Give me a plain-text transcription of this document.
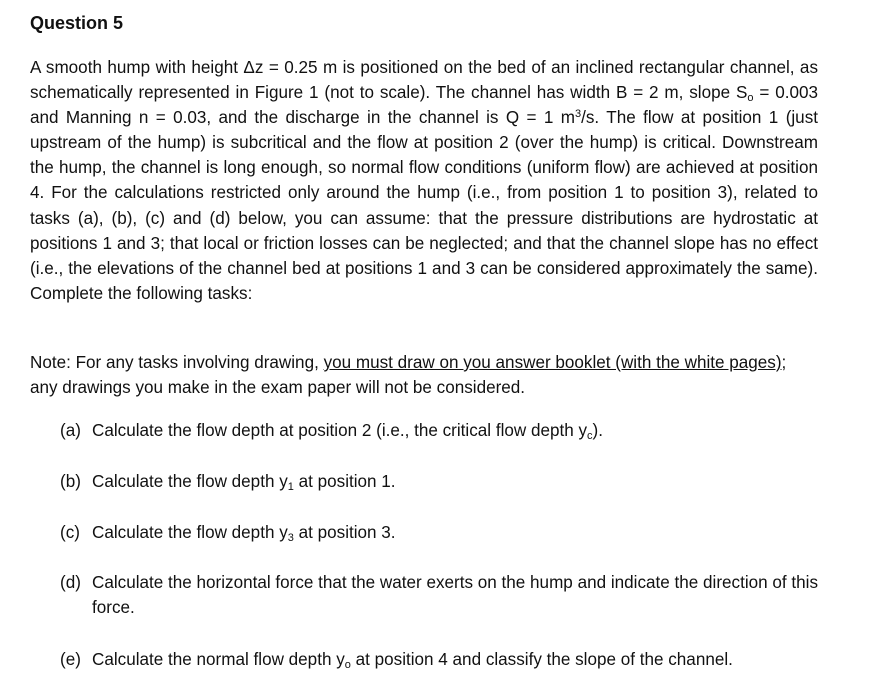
Question 5
A smooth hump with height Δz = 0.25 m is positioned on the bed of an inclined rectangular channel, as schematically represented in Figure 1 (not to scale). The channel has width B = 2 m, slope $S_o = 0.003$ and Manning n = 0.03, and the discharge in the channel is Q = 1 $m^3/s$. The flow at position 1 (just upstream of the hump) is subcritical and the flow at position 2 (over the hump) is critical. Downstream the hump, the channel is long enough, so normal flow conditions (uniform flow) are achieved at position 4. For the calculations restricted only around the hump (i.e., from position 1 to position 3), related to tasks (a), (b), (c) and (d) below, you can assume: that the pressure distributions are hydrostatic at positions 1 and 3; that local or friction losses can be neglected; and that the channel slope has no effect (i.e., the elevations of the channel bed at positions 1 and 3 can be considered approximately the same). Complete the following tasks:
Note: For any tasks involving drawing, you must draw on you answer booklet (with the white pages); any drawings you make in the exam paper will not be considered.
(a) Calculate the flow depth at position 2 (i.e., the critical flow depth $y_c$).
(b) Calculate the flow depth $y_1$ at position 1.
(c) Calculate the flow depth $y_3$ at position 3.
(d) Calculate the horizontal force that the water exerts on the hump and indicate the direction of this force.
(e) Calculate the normal flow depth $y_o$ at position 4 and classify the slope of the channel.
